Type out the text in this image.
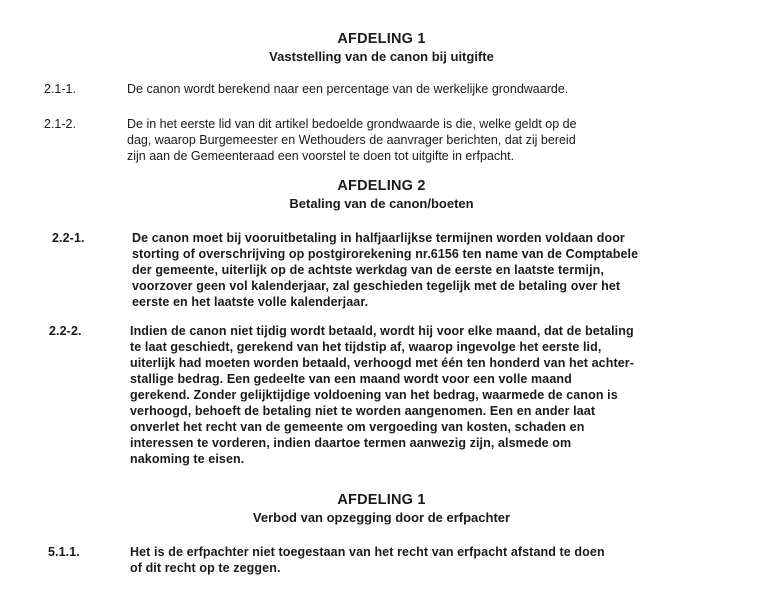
AFDELING 1
Vaststelling van de canon bij uitgifte
2.1-1.	De canon wordt berekend naar een percentage van de werkelijke grondwaarde.
2.1-2.	De in het eerste lid van dit artikel bedoelde grondwaarde is die, welke geldt op de
dag, waarop Burgemeester en Wethouders de aanvrager berichten, dat zij bereid
zijn aan de Gemeenteraad een voorstel te doen tot uitgifte in erfpacht.
AFDELING 2
Betaling van de canon/boeten
2.2-1.	De canon moet bij vooruitbetaling in halfjaarlijkse termijnen worden voldaan door
storting of overschrijving op postgirorekening nr.6156 ten name van de Comptabele
der gemeente, uiterlijk op de achtste werkdag van de eerste en laatste termijn,
voorzover geen vol kalenderjaar, zal geschieden tegelijk met de betaling over het
eerste en het laatste volle kalenderjaar.
2.2-2.	Indien de canon niet tijdig wordt betaald, wordt hij voor elke maand, dat de betaling
te laat geschiedt, gerekend van het tijdstip af, waarop ingevolge het eerste lid,
uiterlijk had moeten worden betaald, verhoogd met één ten honderd van het achter-
stallige bedrag. Een gedeelte van een maand wordt voor een volle maand
gerekend. Zonder gelijktijdige voldoening van het bedrag, waarmede de canon is
verhoogd, behoeft de betaling niet te worden aangenomen. Een en ander laat
onverlet het recht van de gemeente om vergoeding van kosten, schaden en
interessen te vorderen, indien daartoe termen aanwezig zijn, alsmede om
nakoming te eisen.
AFDELING 1
Verbod van opzegging door de erfpachter
5.1.1.	Het is de erfpachter niet toegestaan van het recht van erfpacht afstand te doen
of dit recht op te zeggen.
